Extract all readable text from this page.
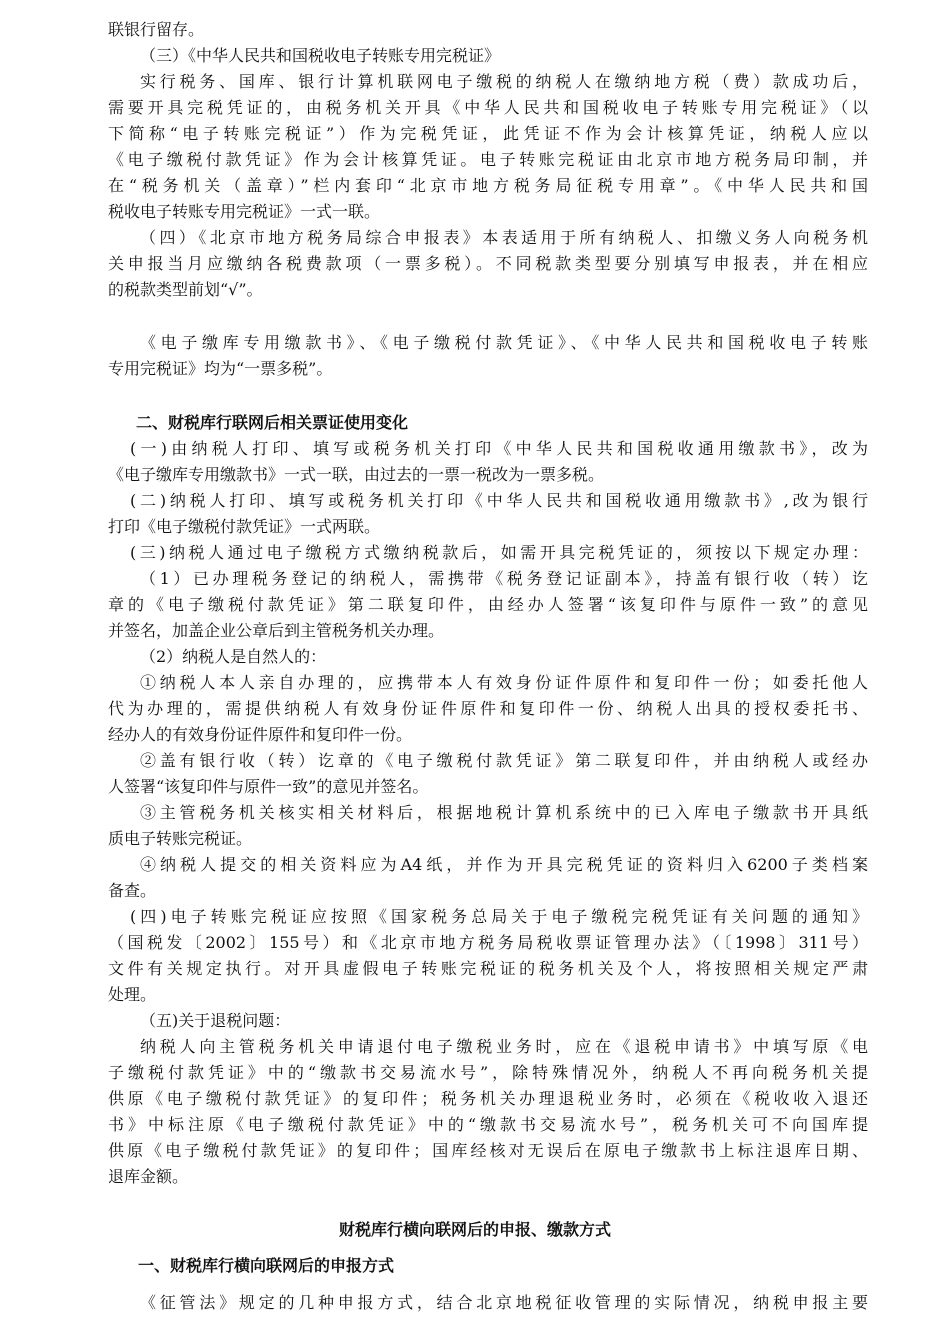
联银行留存。
（三）《中华人民共和国税收电子转账专用完税证》
实行税务、国库、银行计算机联网电子缴税的纳税人在缴纳地方税（费）款成功后，
需要开具完税凭证的，由税务机关开具《中华人民共和国税收电子转账专用完税证》（以
下简称“电子转账完税证”）作为完税凭证，此凭证不作为会计核算凭证，纳税人应以
《电子缴税付款凭证》作为会计核算凭证。电子转账完税证由北京市地方税务局印制，并
在“税务机关（盖章）”栏内套印“北京市地方税务局征税专用章”。《中华人民共和国
税收电子转账专用完税证》一式一联。
（四）《北京市地方税务局综合申报表》本表适用于所有纳税人、扣缴义务人向税务机
关申报当月应缴纳各税费款项（一票多税）。不同税款类型要分别填写申报表，并在相应
的税款类型前划“√”。
《电子缴库专用缴款书》、《电子缴税付款凭证》、《中华人民共和国税收电子转账
专用完税证》均为“一票多税”。
二、财税库行联网后相关票证使用变化
(一)由纳税人打印、填写或税务机关打印《中华人民共和国税收通用缴款书》，改为
《电子缴库专用缴款书》一式一联，由过去的一票一税改为一票多税。
(二)纳税人打印、填写或税务机关打印《中华人民共和国税收通用缴款书》,改为银行
打印《电子缴税付款凭证》一式两联。
(三)纳税人通过电子缴税方式缴纳税款后，如需开具完税凭证的，须按以下规定办理：
（1）已办理税务登记的纳税人，需携带《税务登记证副本》，持盖有银行收（转）讫
章的《电子缴税付款凭证》第二联复印件，由经办人签署“该复印件与原件一致”的意见
并签名，加盖企业公章后到主管税务机关办理。
（2）纳税人是自然人的：
①纳税人本人亲自办理的，应携带本人有效身份证件原件和复印件一份；如委托他人
代为办理的，需提供纳税人有效身份证件原件和复印件一份、纳税人出具的授权委托书、
经办人的有效身份证件原件和复印件一份。
②盖有银行收（转）讫章的《电子缴税付款凭证》第二联复印件，并由纳税人或经办
人签署“该复印件与原件一致”的意见并签名。
③主管税务机关核实相关材料后，根据地税计算机系统中的已入库电子缴款书开具纸
质电子转账完税证。
④纳税人提交的相关资料应为A4纸，并作为开具完税凭证的资料归入6200子类档案
备查。
(四)电子转账完税证应按照《国家税务总局关于电子缴税完税凭证有关问题的通知》
（国税发〔2002〕155号）和《北京市地方税务局税收票证管理办法》（〔1998〕311号）
文件有关规定执行。对开具虚假电子转账完税证的税务机关及个人，将按照相关规定严肃
处理。
（五)关于退税问题：
纳税人向主管税务机关申请退付电子缴税业务时，应在《退税申请书》中填写原《电
子缴税付款凭证》中的“缴款书交易流水号”，除特殊情况外，纳税人不再向税务机关提
供原《电子缴税付款凭证》的复印件；税务机关办理退税业务时，必须在《税收收入退还
书》中标注原《电子缴税付款凭证》中的“缴款书交易流水号”，税务机关可不向国库提
供原《电子缴税付款凭证》的复印件；国库经核对无误后在原电子缴款书上标注退库日期、
退库金额。
财税库行横向联网后的申报、缴款方式
一、财税库行横向联网后的申报方式
《征管法》规定的几种申报方式，结合北京地税征收管理的实际情况，纳税申报主要
